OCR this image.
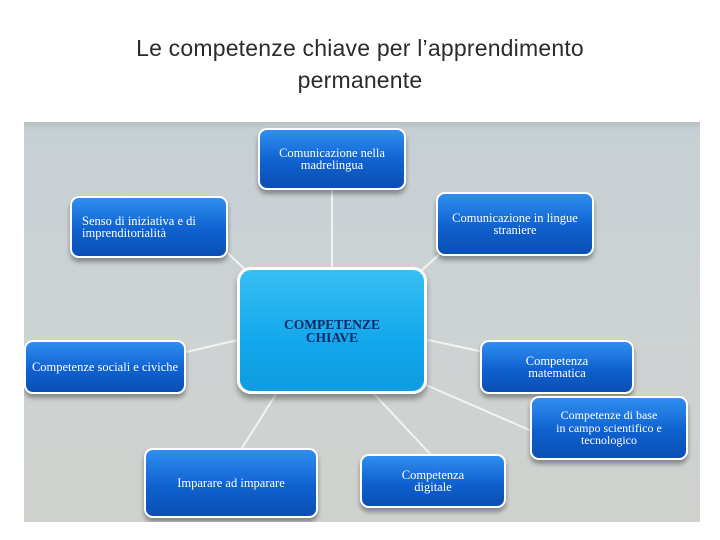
Le competenze chiave per l’apprendimento
permanente
COMPETENZE CHIAVE
Comunicazione nella madrelingua
Comunicazione in lingue straniere
Competenza matematica
Competenze di base in campo scientifico e tecnologico
Competenza digitale
Imparare ad imparare
Competenze sociali e civiche
Senso di iniziativa e di imprenditorialità
